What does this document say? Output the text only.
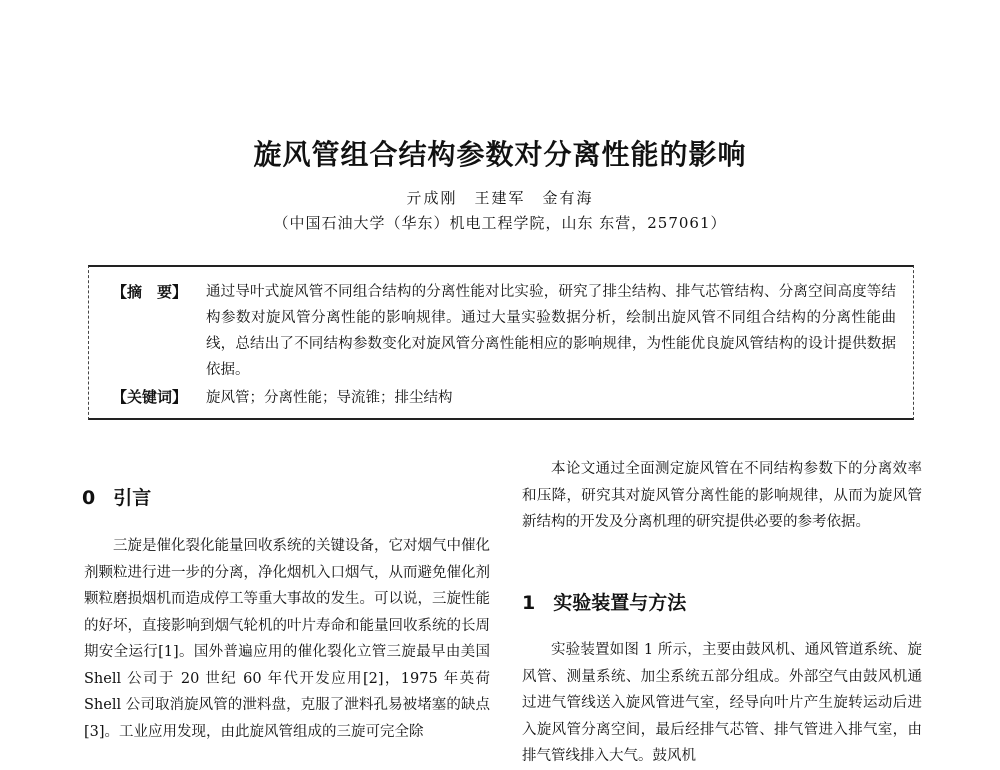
旋风管组合结构参数对分离性能的影响
亓成刚　王建军　金有海
（中国石油大学（华东）机电工程学院，山东 东营，257061）
【摘　要】 通过导叶式旋风管不同组合结构的分离性能对比实验，研究了排尘结构、排气芯管结构、分离空间高度等结构参数对旋风管分离性能的影响规律。通过大量实验数据分析，绘制出旋风管不同组合结构的分离性能曲线，总结出了不同结构参数变化对旋风管分离性能相应的影响规律，为性能优良旋风管结构的设计提供数据依据。
【关键词】 旋风管；分离性能；导流锥；排尘结构
0 引言
三旋是催化裂化能量回收系统的关键设备，它对烟气中催化剂颗粒进行进一步的分离，净化烟机入口烟气，从而避免催化剂颗粒磨损烟机而造成停工等重大事故的发生。可以说，三旋性能的好坏，直接影响到烟气轮机的叶片寿命和能量回收系统的长周期安全运行[1]。国外普遍应用的催化裂化立管三旋最早由美国 Shell 公司于 20 世纪 60 年代开发应用[2]，1975 年英荷 Shell 公司取消旋风管的泄料盘，克服了泄料孔易被堵塞的缺点[3]。工业应用发现，由此旋风管组成的三旋可完全除
本论文通过全面测定旋风管在不同结构参数下的分离效率和压降，研究其对旋风管分离性能的影响规律，从而为旋风管新结构的开发及分离机理的研究提供必要的参考依据。
1 实验装置与方法
实验装置如图 1 所示，主要由鼓风机、通风管道系统、旋风管、测量系统、加尘系统五部分组成。外部空气由鼓风机通过进气管线送入旋风管进气室，经导向叶片产生旋转运动后进入旋风管分离空间，最后经排气芯管、排气管进入排气室，由排气管线排入大气。鼓风机
